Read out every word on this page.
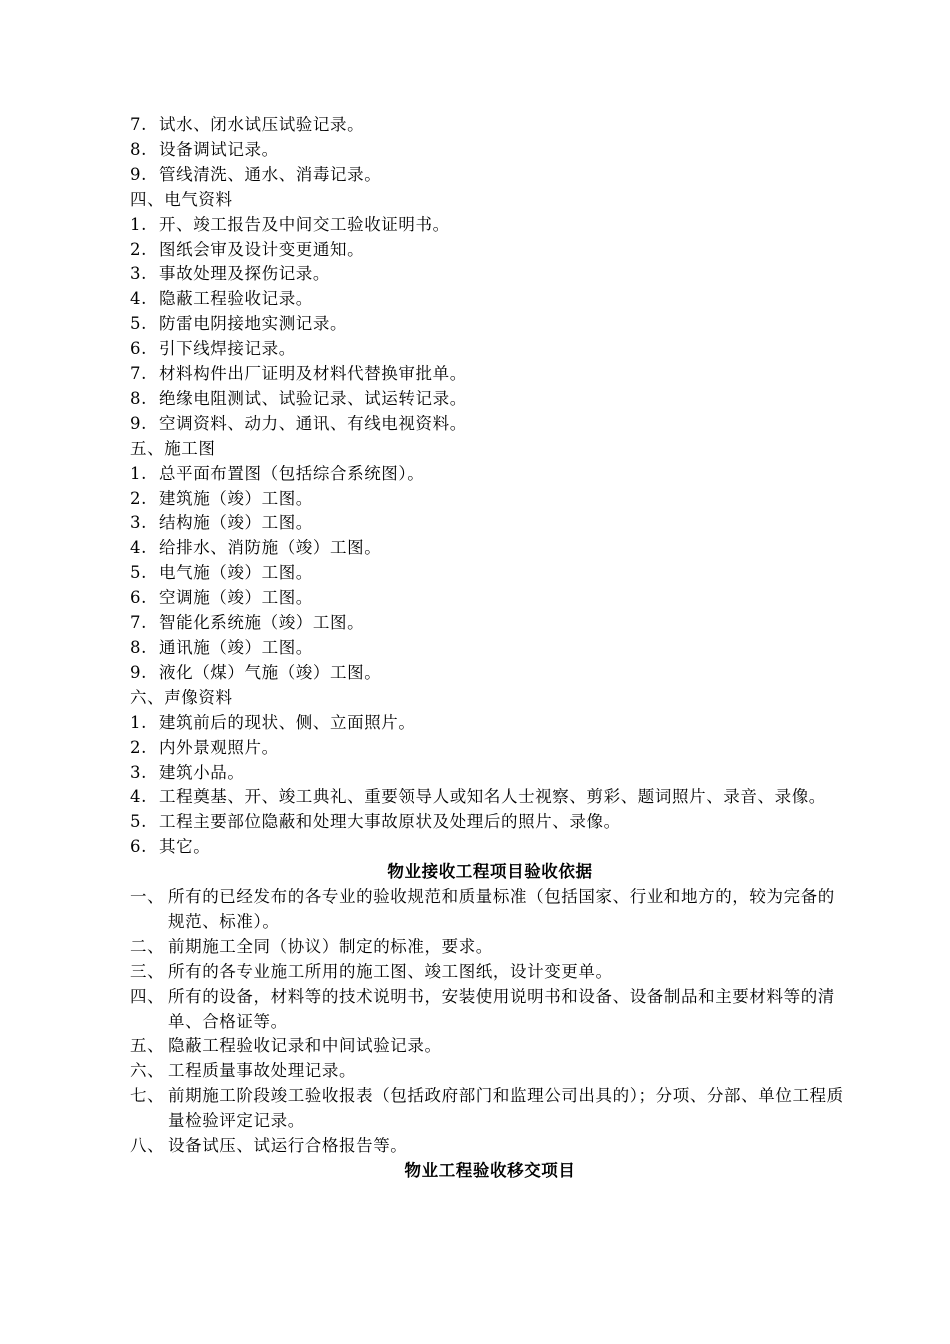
7. 试水、闭水试压试验记录。
8. 设备调试记录。
9. 管线清洗、通水、消毒记录。
四、电气资料
1. 开、竣工报告及中间交工验收证明书。
2. 图纸会审及设计变更通知。
3. 事故处理及探伤记录。
4. 隐蔽工程验收记录。
5. 防雷电阴接地实测记录。
6. 引下线焊接记录。
7. 材料构件出厂证明及材料代替换审批单。
8. 绝缘电阻测试、试验记录、试运转记录。
9. 空调资料、动力、通讯、有线电视资料。
五、施工图
1. 总平面布置图（包括综合系统图）。
2. 建筑施（竣）工图。
3. 结构施（竣）工图。
4. 给排水、消防施（竣）工图。
5. 电气施（竣）工图。
6. 空调施（竣）工图。
7. 智能化系统施（竣）工图。
8. 通讯施（竣）工图。
9. 液化（煤）气施（竣）工图。
六、声像资料
1. 建筑前后的现状、侧、立面照片。
2. 内外景观照片。
3. 建筑小品。
4. 工程奠基、开、竣工典礼、重要领导人或知名人士视察、剪彩、题词照片、录音、录像。
5. 工程主要部位隐蔽和处理大事故原状及处理后的照片、录像。
6. 其它。
物业接收工程项目验收依据
一、 所有的已经发布的各专业的验收规范和质量标准（包括国家、行业和地方的，较为完备的规范、标准）。
二、 前期施工全同（协议）制定的标准，要求。
三、 所有的各专业施工所用的施工图、竣工图纸，设计变更单。
四、 所有的设备，材料等的技术说明书，安装使用说明书和设备、设备制品和主要材料等的清单、合格证等。
五、 隐蔽工程验收记录和中间试验记录。
六、 工程质量事故处理记录。
七、 前期施工阶段竣工验收报表（包括政府部门和监理公司出具的）；分项、分部、单位工程质量检验评定记录。
八、 设备试压、试运行合格报告等。
物业工程验收移交项目
